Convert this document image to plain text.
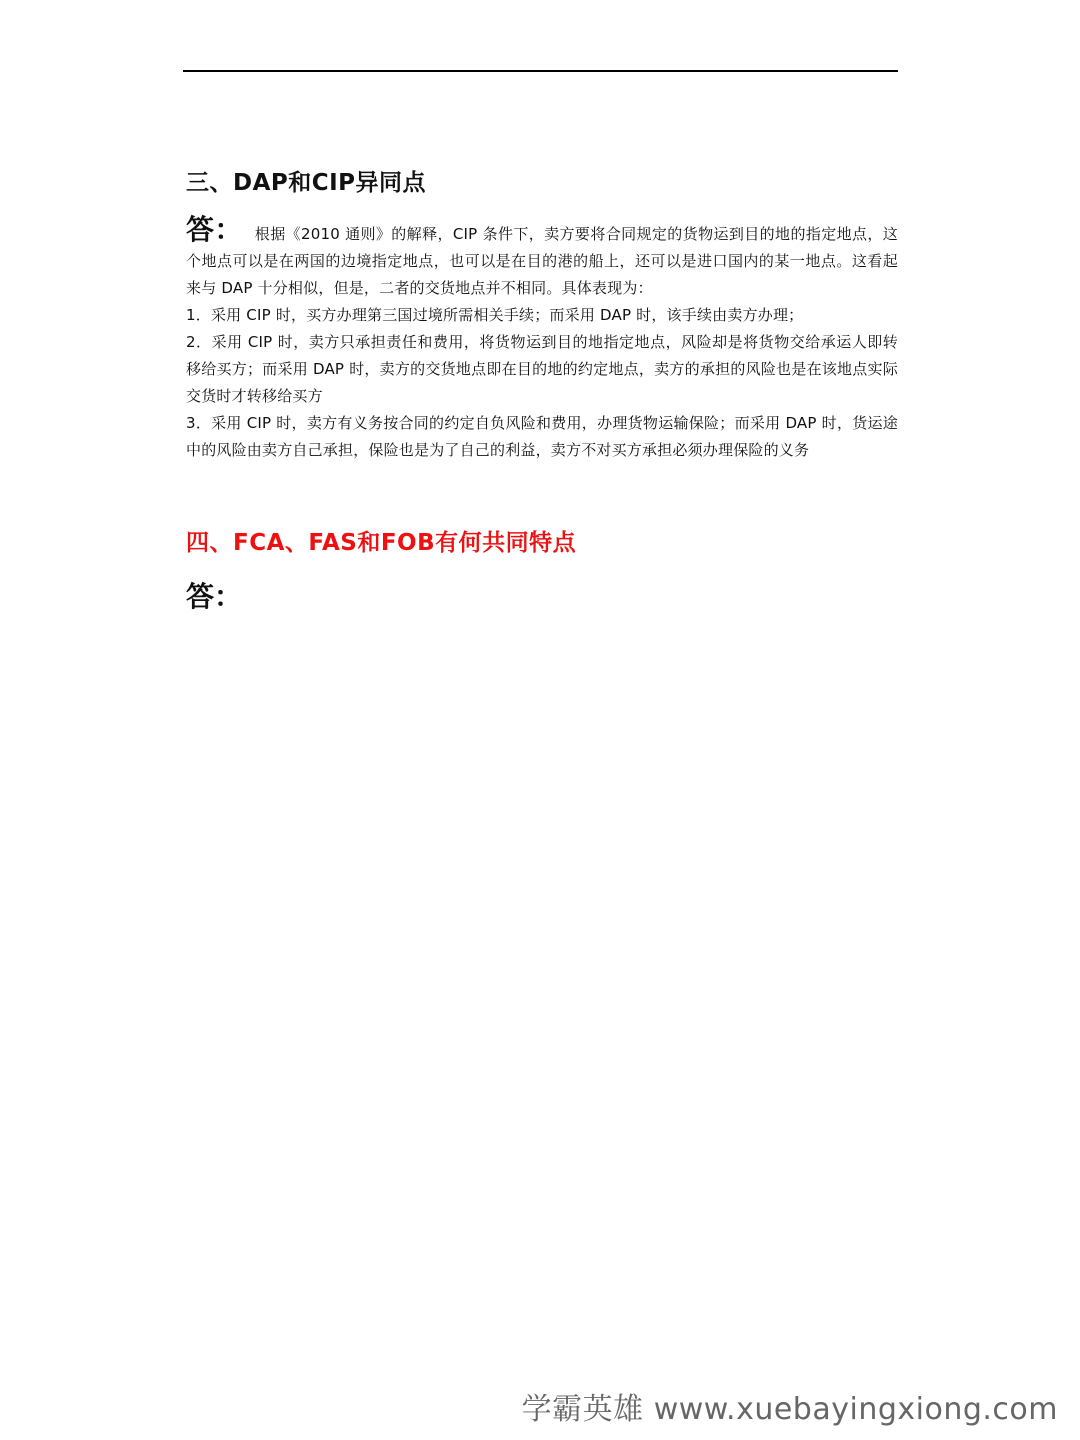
三、DAP和CIP异同点

答： 根据《2010 通则》的解释，CIP 条件下，卖方要将合同规定的货物运到目的地的指定地点，这个地点可以是在两国的边境指定地点，也可以是在目的港的船上，还可以是进口国内的某一地点。这看起来与 DAP 十分相似，但是，二者的交货地点并不相同。具体表现为：

1．采用 CIP 时，买方办理第三国过境所需相关手续；而采用 DAP 时，该手续由卖方办理；

2．采用 CIP 时，卖方只承担责任和费用，将货物运到目的地指定地点，风险却是将货物交给承运人即转移给买方；而采用 DAP 时，卖方的交货地点即在目的地的约定地点，卖方的承担的风险也是在该地点实际交货时才转移给买方

3．采用 CIP 时，卖方有义务按合同的约定自负风险和费用，办理货物运输保险；而采用 DAP 时，货运途中的风险由卖方自己承担，保险也是为了自己的利益，卖方不对买方承担必须办理保险的义务

四、FCA、FAS和FOB有何共同特点
答：
学霸英雄 www.xuebayingxiong.com
